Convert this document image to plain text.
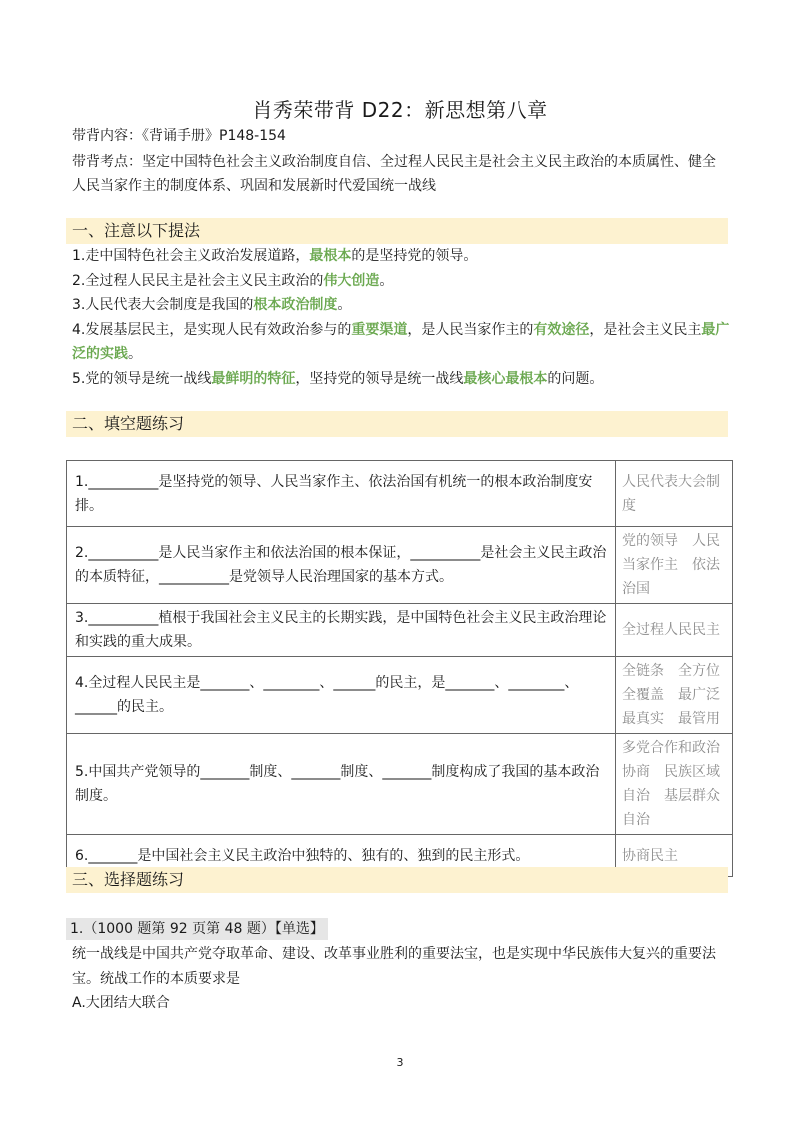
肖秀荣带背 D22：新思想第八章
带背内容：《背诵手册》P148-154
带背考点：坚定中国特色社会主义政治制度自信、全过程人民民主是社会主义民主政治的本质属性、健全
人民当家作主的制度体系、巩固和发展新时代爱国统一战线
一、注意以下提法

1.走中国特色社会主义政治发展道路，最根本的是坚持党的领导。

2.全过程人民民主是社会主义民主政治的伟大创造。

3.人民代表大会制度是我国的根本政治制度。

4.发展基层民主，是实现人民有效政治参与的重要渠道，是人民当家作主的有效途径，是社会主义民主最广泛的实践。

5.党的领导是统一战线最鲜明的特征，坚持党的领导是统一战线最核心最根本的问题。

二、填空题练习
1.__________是坚持党的领导、人民当家作主、依法治国有机统一的根本政治制度安排。	人民代表大会制度
2.__________是人民当家作主和依法治国的根本保证，__________是社会主义民主政治的本质特征，__________是党领导人民治理国家的基本方式。	党的领导　人民当家作主　依法治国
3.__________植根于我国社会主义民主的长期实践，是中国特色社会主义民主政治理论和实践的重大成果。	全过程人民民主
4.全过程人民民主是_______、________、______的民主，是_______、________、______的民主。	全链条　全方位　全覆盖　最广泛　最真实　最管用
5.中国共产党领导的_______制度、_______制度、_______制度构成了我国的基本政治制度。	多党合作和政治协商　民族区域自治　基层群众自治
6._______是中国社会主义民主政治中独特的、独有的、独到的民主形式。	协商民主
三、选择题练习
1.（1000 题第 92 页第 48 题）【单选】

统一战线是中国共产党夺取革命、建设、改革事业胜利的重要法宝，也是实现中华民族伟大复兴的重要法宝。统战工作的本质要求是

A.大团结大联合

3
